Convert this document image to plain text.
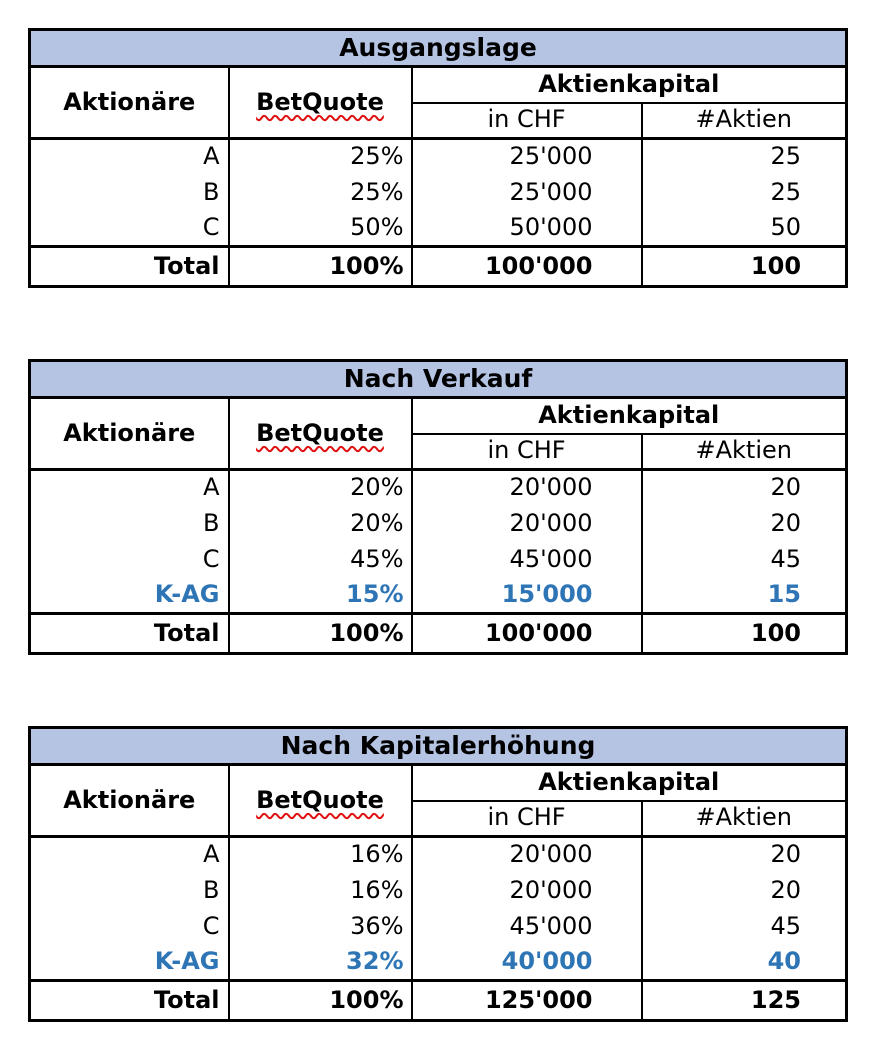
Ausgangslage			
Aktionäre	BetQuote	Aktienkapital	
		in CHF	#Aktien
A	25%	25'000	25
B	25%	25'000	25
C	50%	50'000	50
Total	100%	100'000	100
Nach Verkauf			
Aktionäre	BetQuote	Aktienkapital	
		in CHF	#Aktien
A	20%	20'000	20
B	20%	20'000	20
C	45%	45'000	45
K-AG	15%	15'000	15
Total	100%	100'000	100
Nach Kapitalerhöhung			
Aktionäre	BetQuote	Aktienkapital	
		in CHF	#Aktien
A	16%	20'000	20
B	16%	20'000	20
C	36%	45'000	45
K-AG	32%	40'000	40
Total	100%	125'000	125
